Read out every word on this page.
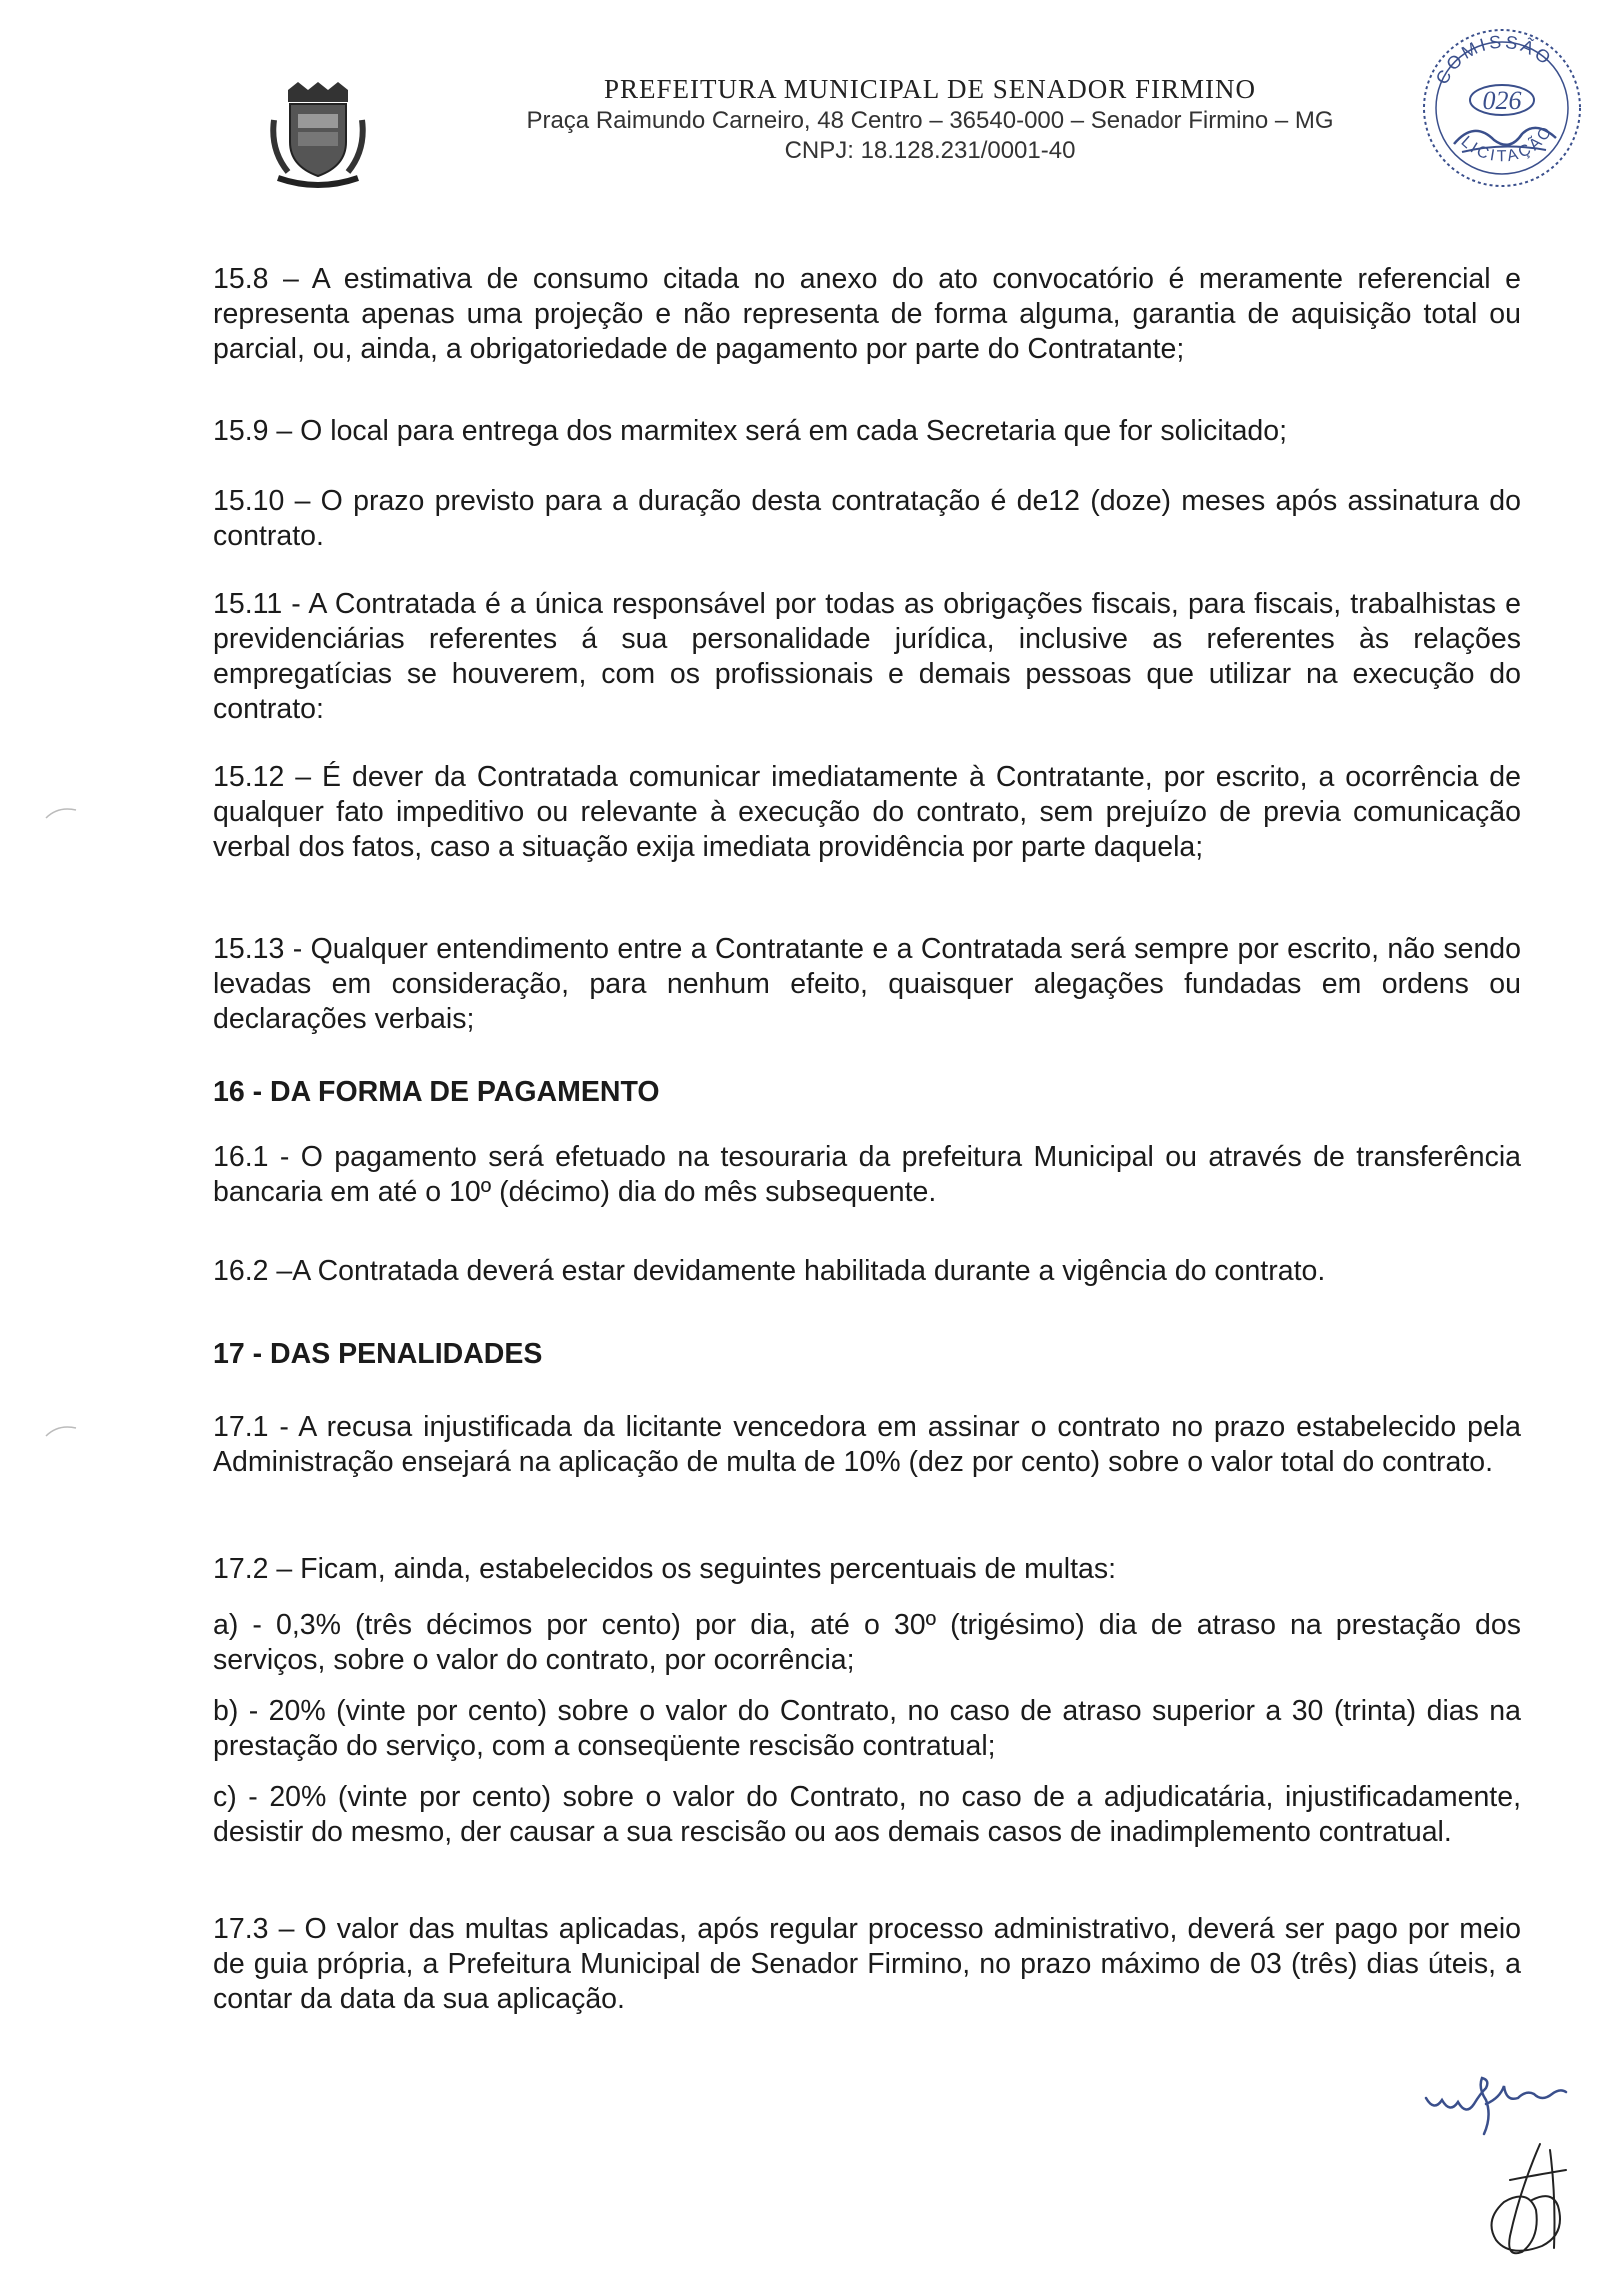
PREFEITURA MUNICIPAL DE SENADOR FIRMINO
Praça Raimundo Carneiro, 48 Centro – 36540-000 – Senador Firmino – MG
CNPJ: 18.128.231/0001-40
COMISSÃO
LICITAÇÃO
026

15.8 – A estimativa de consumo citada no anexo do ato convocatório é meramente referencial e representa apenas uma projeção e não representa de forma alguma, garantia de aquisição total ou parcial, ou, ainda, a obrigatoriedade de pagamento por parte do Contratante;

15.9 – O local para entrega dos marmitex será em cada Secretaria que for solicitado;

15.10 – O prazo previsto para a duração desta contratação é de12 (doze) meses após assinatura do contrato.

15.11 - A Contratada é a única responsável por todas as obrigações fiscais, para fiscais, trabalhistas e previdenciárias referentes á sua personalidade jurídica, inclusive as referentes às relações empregatícias se houverem, com os profissionais e demais pessoas que utilizar na execução do contrato:

15.12 – É dever da Contratada comunicar imediatamente à Contratante, por escrito, a ocorrência de qualquer fato impeditivo ou relevante à execução do contrato, sem prejuízo de previa comunicação verbal dos fatos, caso a situação exija imediata providência por parte daquela;

15.13 - Qualquer entendimento entre a Contratante e a Contratada será sempre por escrito, não sendo levadas em consideração, para nenhum efeito, quaisquer alegações fundadas em ordens ou declarações verbais;

16 - DA FORMA DE PAGAMENTO

16.1 - O pagamento será efetuado na tesouraria da prefeitura Municipal ou através de transferência bancaria em até o 10º (décimo) dia do mês subsequente.

16.2 –A Contratada deverá estar devidamente habilitada durante a vigência do contrato.

17 - DAS PENALIDADES

17.1 - A recusa injustificada da licitante vencedora em assinar o contrato no prazo estabelecido pela Administração ensejará na aplicação de multa de 10% (dez por cento) sobre o valor total do contrato.

17.2 – Ficam, ainda, estabelecidos os seguintes percentuais de multas:

a) - 0,3% (três décimos por cento) por dia, até o 30º (trigésimo) dia de atraso na prestação dos serviços, sobre o valor do contrato, por ocorrência;

b) - 20% (vinte por cento) sobre o valor do Contrato, no caso de atraso superior a 30 (trinta) dias na prestação do serviço, com a conseqüente rescisão contratual;

c) - 20% (vinte por cento) sobre o valor do Contrato, no caso de a adjudicatária, injustificadamente, desistir do mesmo, der causar a sua rescisão ou aos demais casos de inadimplemento contratual.

17.3 – O valor das multas aplicadas, após regular processo administrativo, deverá ser pago por meio de guia própria, a Prefeitura Municipal de Senador Firmino, no prazo máximo de 03 (três) dias úteis, a contar da data da sua aplicação.
